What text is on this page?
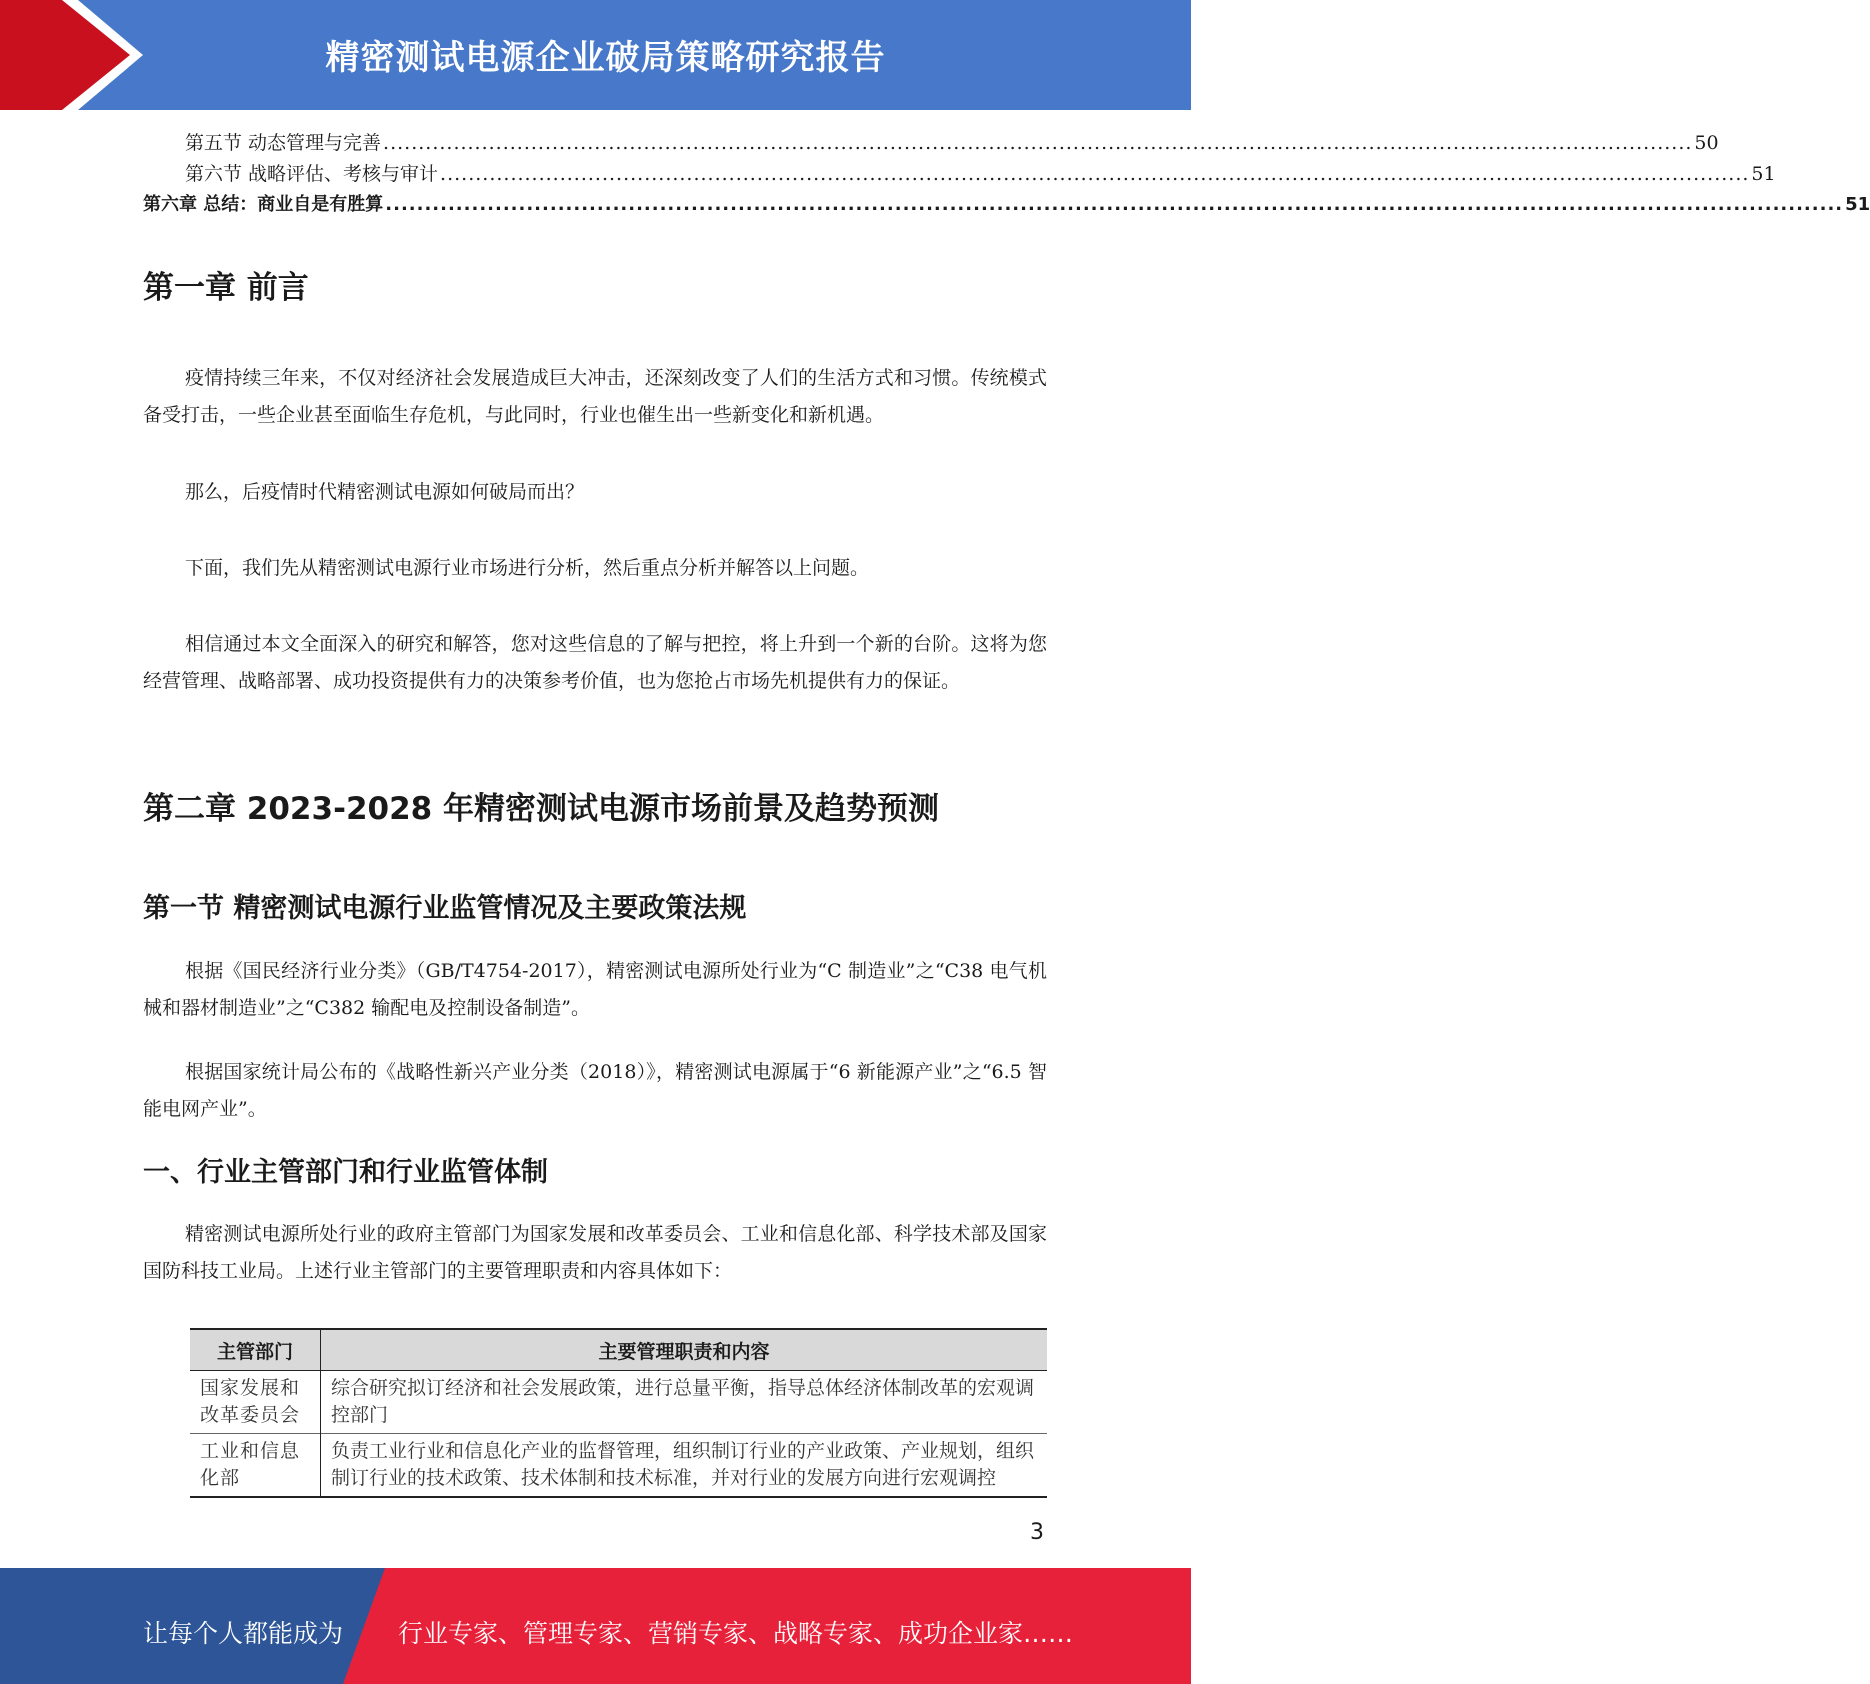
精密测试电源企业破局策略研究报告
第五节 动态管理与完善 .......................................................................................................................................................................................... 50
第六节 战略评估、考核与审计 .......................................................................................................................................................................................... 51
第六章 总结：商业自是有胜算 .......................................................................................................................................................................................... 51
第一章 前言

疫情持续三年来，不仅对经济社会发展造成巨大冲击，还深刻改变了人们的生活方式和习惯。传统模式备受打击，一些企业甚至面临生存危机，与此同时，行业也催生出一些新变化和新机遇。

那么，后疫情时代精密测试电源如何破局而出？

下面，我们先从精密测试电源行业市场进行分析，然后重点分析并解答以上问题。

相信通过本文全面深入的研究和解答，您对这些信息的了解与把控，将上升到一个新的台阶。这将为您经营管理、战略部署、成功投资提供有力的决策参考价值，也为您抢占市场先机提供有力的保证。

第二章 2023-2028 年精密测试电源市场前景及趋势预测
第一节 精密测试电源行业监管情况及主要政策法规

根据《国民经济行业分类》（GB/T4754-2017），精密测试电源所处行业为“C 制造业”之“C38 电气机械和器材制造业”之“C382 输配电及控制设备制造”。

根据国家统计局公布的《战略性新兴产业分类（2018）》，精密测试电源属于“6 新能源产业”之“6.5 智能电网产业”。

一、行业主管部门和行业监管体制

精密测试电源所处行业的政府主管部门为国家发展和改革委员会、工业和信息化部、科学技术部及国家国防科技工业局。上述行业主管部门的主要管理职责和内容具体如下：

主管部门	主要管理职责和内容
国家发展和改革委员会	综合研究拟订经济和社会发展政策，进行总量平衡，指导总体经济体制改革的宏观调控部门
工业和信息化部	负责工业行业和信息化产业的监督管理，组织制订行业的产业政策、产业规划，组织制订行业的技术政策、技术体制和技术标准，并对行业的发展方向进行宏观调控
3
让每个人都能成为 行业专家、管理专家、营销专家、战略专家、成功企业家……
